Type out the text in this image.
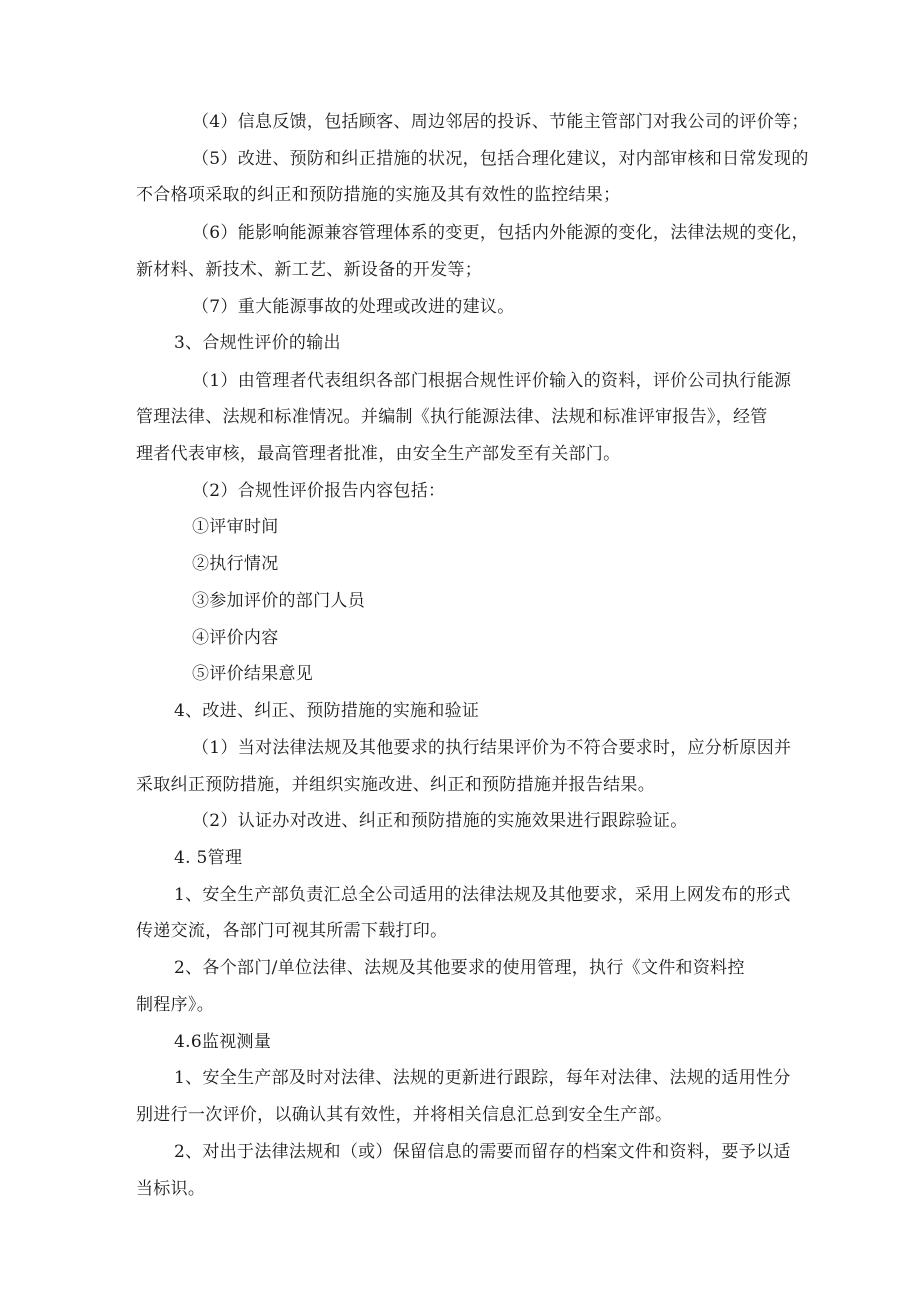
（4）信息反馈，包括顾客、周边邻居的投诉、节能主管部门对我公司的评价等；
（5）改进、预防和纠正措施的状况，包括合理化建议，对内部审核和日常发现的
不合格项采取的纠正和预防措施的实施及其有效性的监控结果；
（6）能影响能源兼容管理体系的变更，包括内外能源的变化，法律法规的变化，
新材料、新技术、新工艺、新设备的开发等；
（7）重大能源事故的处理或改进的建议。
3、合规性评价的输出
（1）由管理者代表组织各部门根据合规性评价输入的资料，评价公司执行能源
管理法律、法规和标准情况。并编制《执行能源法律、法规和标准评审报告》，经管
理者代表审核，最高管理者批准，由安全生产部发至有关部门。
（2）合规性评价报告内容包括：
①评审时间
②执行情况
③参加评价的部门人员
④评价内容
⑤评价结果意见
4、改进、纠正、预防措施的实施和验证
（1）当对法律法规及其他要求的执行结果评价为不符合要求时，应分析原因并
采取纠正预防措施，并组织实施改进、纠正和预防措施并报告结果。
（2）认证办对改进、纠正和预防措施的实施效果进行跟踪验证。
4. 5管理
1、安全生产部负责汇总全公司适用的法律法规及其他要求，采用上网发布的形式
传递交流，各部门可视其所需下载打印。
2、各个部门/单位法律、法规及其他要求的使用管理，执行《文件和资料控
制程序》。
4.6监视测量
1、安全生产部及时对法律、法规的更新进行跟踪，每年对法律、法规的适用性分
别进行一次评价，以确认其有效性，并将相关信息汇总到安全生产部。
2、对出于法律法规和（或）保留信息的需要而留存的档案文件和资料，要予以适
当标识。
